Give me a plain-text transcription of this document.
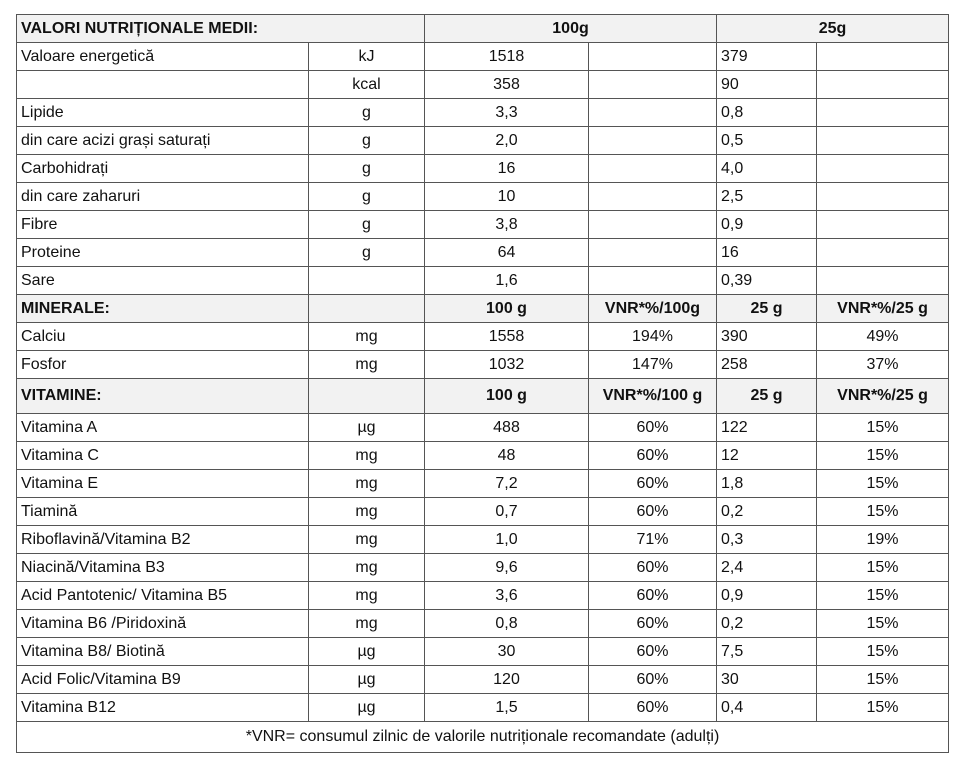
VALORI NUTRIȚIONALE MEDII:		100g		25g	
Valoare energetică	kJ	1518		379	
	kcal	358		90	
Lipide	g	3,3		0,8	
din care acizi grași saturați	g	2,0		0,5	
Carbohidrați	g	16		4,0	
din care zaharuri	g	10		2,5	
Fibre	g	3,8		0,9	
Proteine	g	64		16	
Sare		1,6		0,39	
MINERALE:		100 g	VNR*%/100g	25 g	VNR*%/25 g
Calciu	mg	1558	194%	390	49%
Fosfor	mg	1032	147%	258	37%
VITAMINE:		100 g	VNR*%/100 g	25 g	VNR*%/25 g
Vitamina A	µg	488	60%	122	15%
Vitamina C	mg	48	60%	12	15%
Vitamina E	mg	7,2	60%	1,8	15%
Tiamină	mg	0,7	60%	0,2	15%
Riboflavină/Vitamina B2	mg	1,0	71%	0,3	19%
Niacină/Vitamina B3	mg	9,6	60%	2,4	15%
Acid Pantotenic/ Vitamina B5	mg	3,6	60%	0,9	15%
Vitamina B6 /Piridoxină	mg	0,8	60%	0,2	15%
Vitamina B8/ Biotină	µg	30	60%	7,5	15%
Acid Folic/Vitamina B9	µg	120	60%	30	15%
Vitamina B12	µg	1,5	60%	0,4	15%
*VNR= consumul zilnic de valorile nutriționale recomandate (adulți)					
